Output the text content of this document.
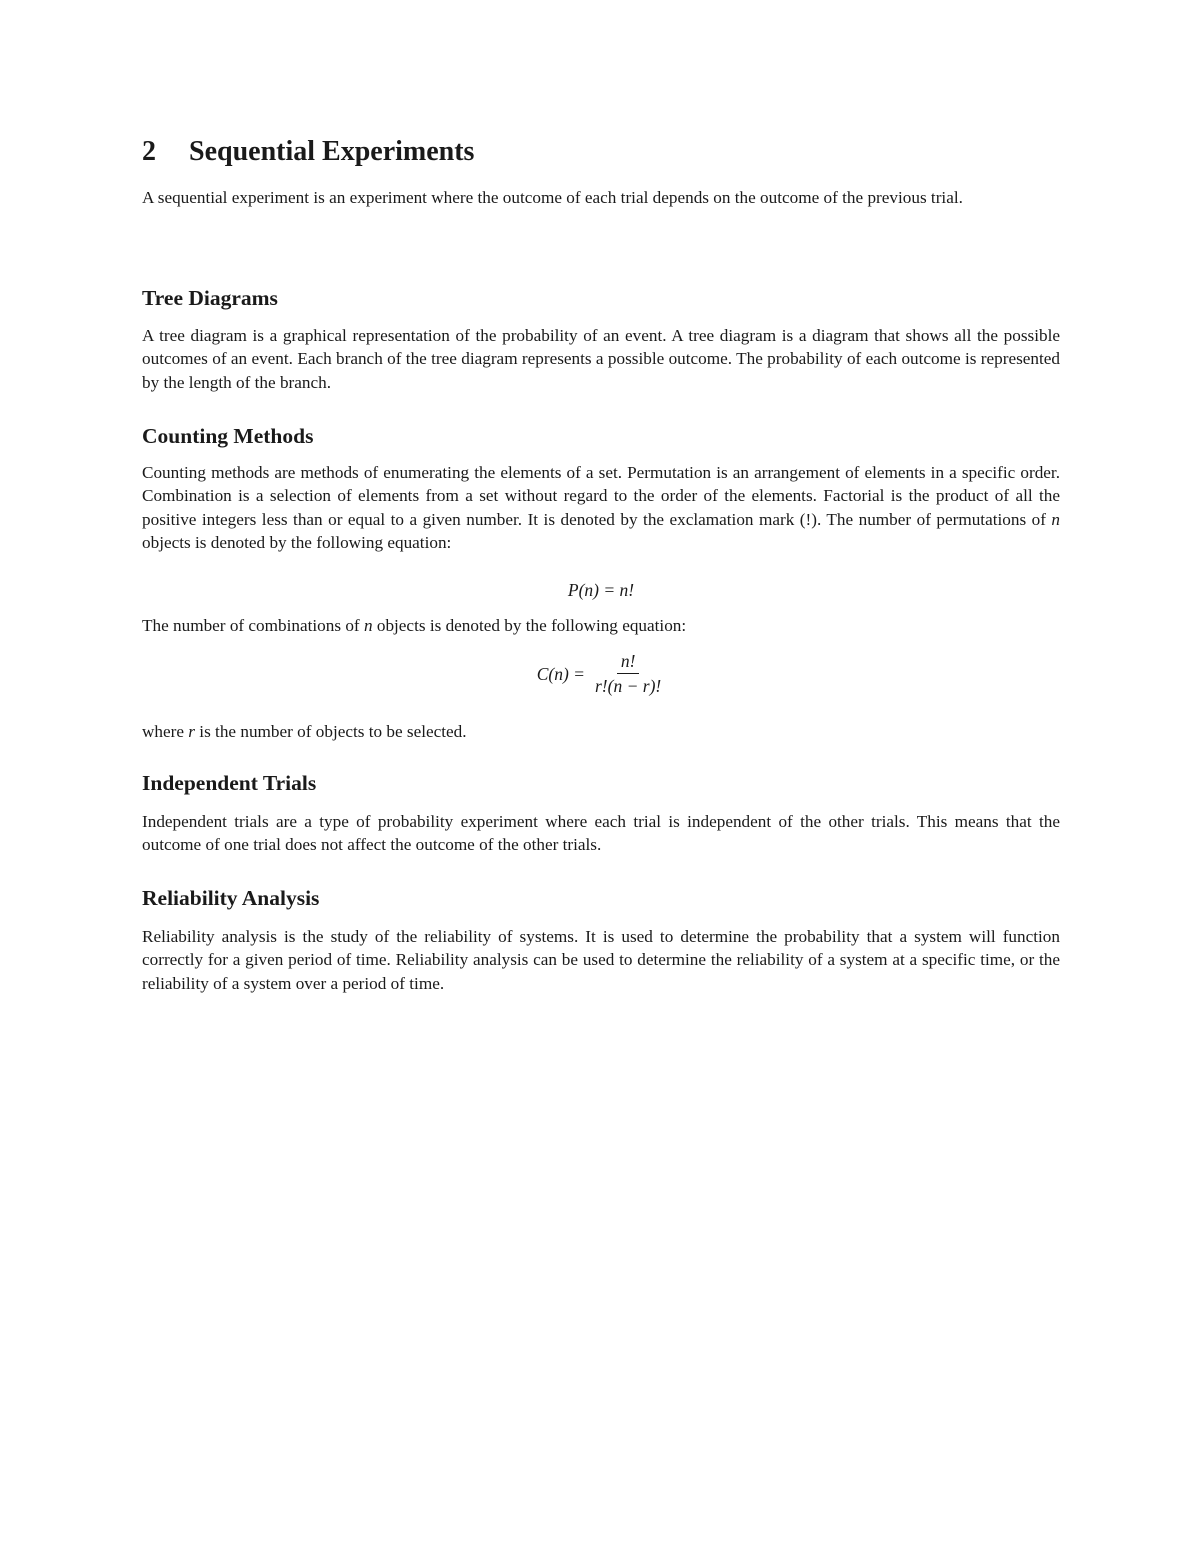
2 Sequential Experiments

A sequential experiment is an experiment where the outcome of each trial depends on the outcome of the previous trial.

Tree Diagrams

A tree diagram is a graphical representation of the probability of an event. A tree diagram is a diagram that shows all the possible outcomes of an event. Each branch of the tree diagram represents a possible outcome. The probability of each outcome is represented by the length of the branch.

Counting Methods

Counting methods are methods of enumerating the elements of a set. Permutation is an arrangement of elements in a specific order. Combination is a selection of elements from a set without regard to the order of the elements. Factorial is the product of all the positive integers less than or equal to a given number. It is denoted by the exclamation mark (!). The number of permutations of n objects is denoted by the following equation:

P(n) = n!

The number of combinations of n objects is denoted by the following equation:

$C(n) = \frac{n!}{r!(n - r)!}$

where r is the number of objects to be selected.

Independent Trials

Independent trials are a type of probability experiment where each trial is independent of the other trials. This means that the outcome of one trial does not affect the outcome of the other trials.

Reliability Analysis

Reliability analysis is the study of the reliability of systems. It is used to determine the probability that a system will function correctly for a given period of time. Reliability analysis can be used to determine the reliability of a system at a specific time, or the reliability of a system over a period of time.
